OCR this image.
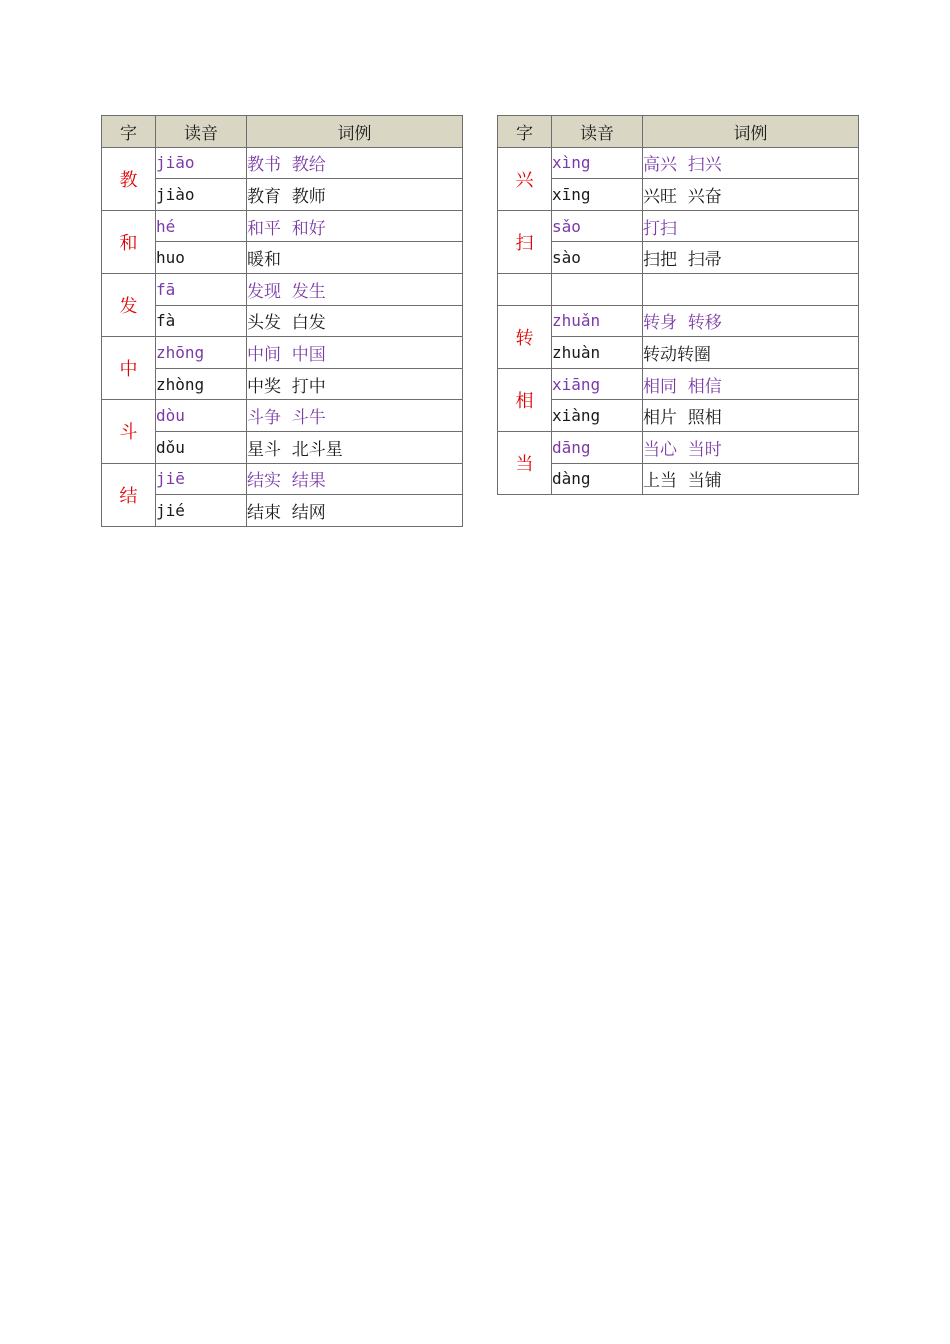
字	读音	词例
教	jiāo	教书  教给
	jiào	教育  教师
和	hé	和平  和好
	huo	暖和
发	fā	发现  发生
	fà	头发  白发
中	zhōng	中间  中国
	zhòng	中奖  打中
斗	dòu	斗争  斗牛
	dǒu	星斗  北斗星
结	jiē	结实  结果
	jié	结束  结网
字	读音	词例
兴	xìng	高兴  扫兴
	xīng	兴旺  兴奋
扫	sǎo	打扫
	sào	扫把  扫帚

转	zhuǎn	转身  转移
	zhuàn	转动转圈
相	xiāng	相同  相信
	xiàng	相片  照相
当	dāng	当心  当时
	dàng	上当  当铺
